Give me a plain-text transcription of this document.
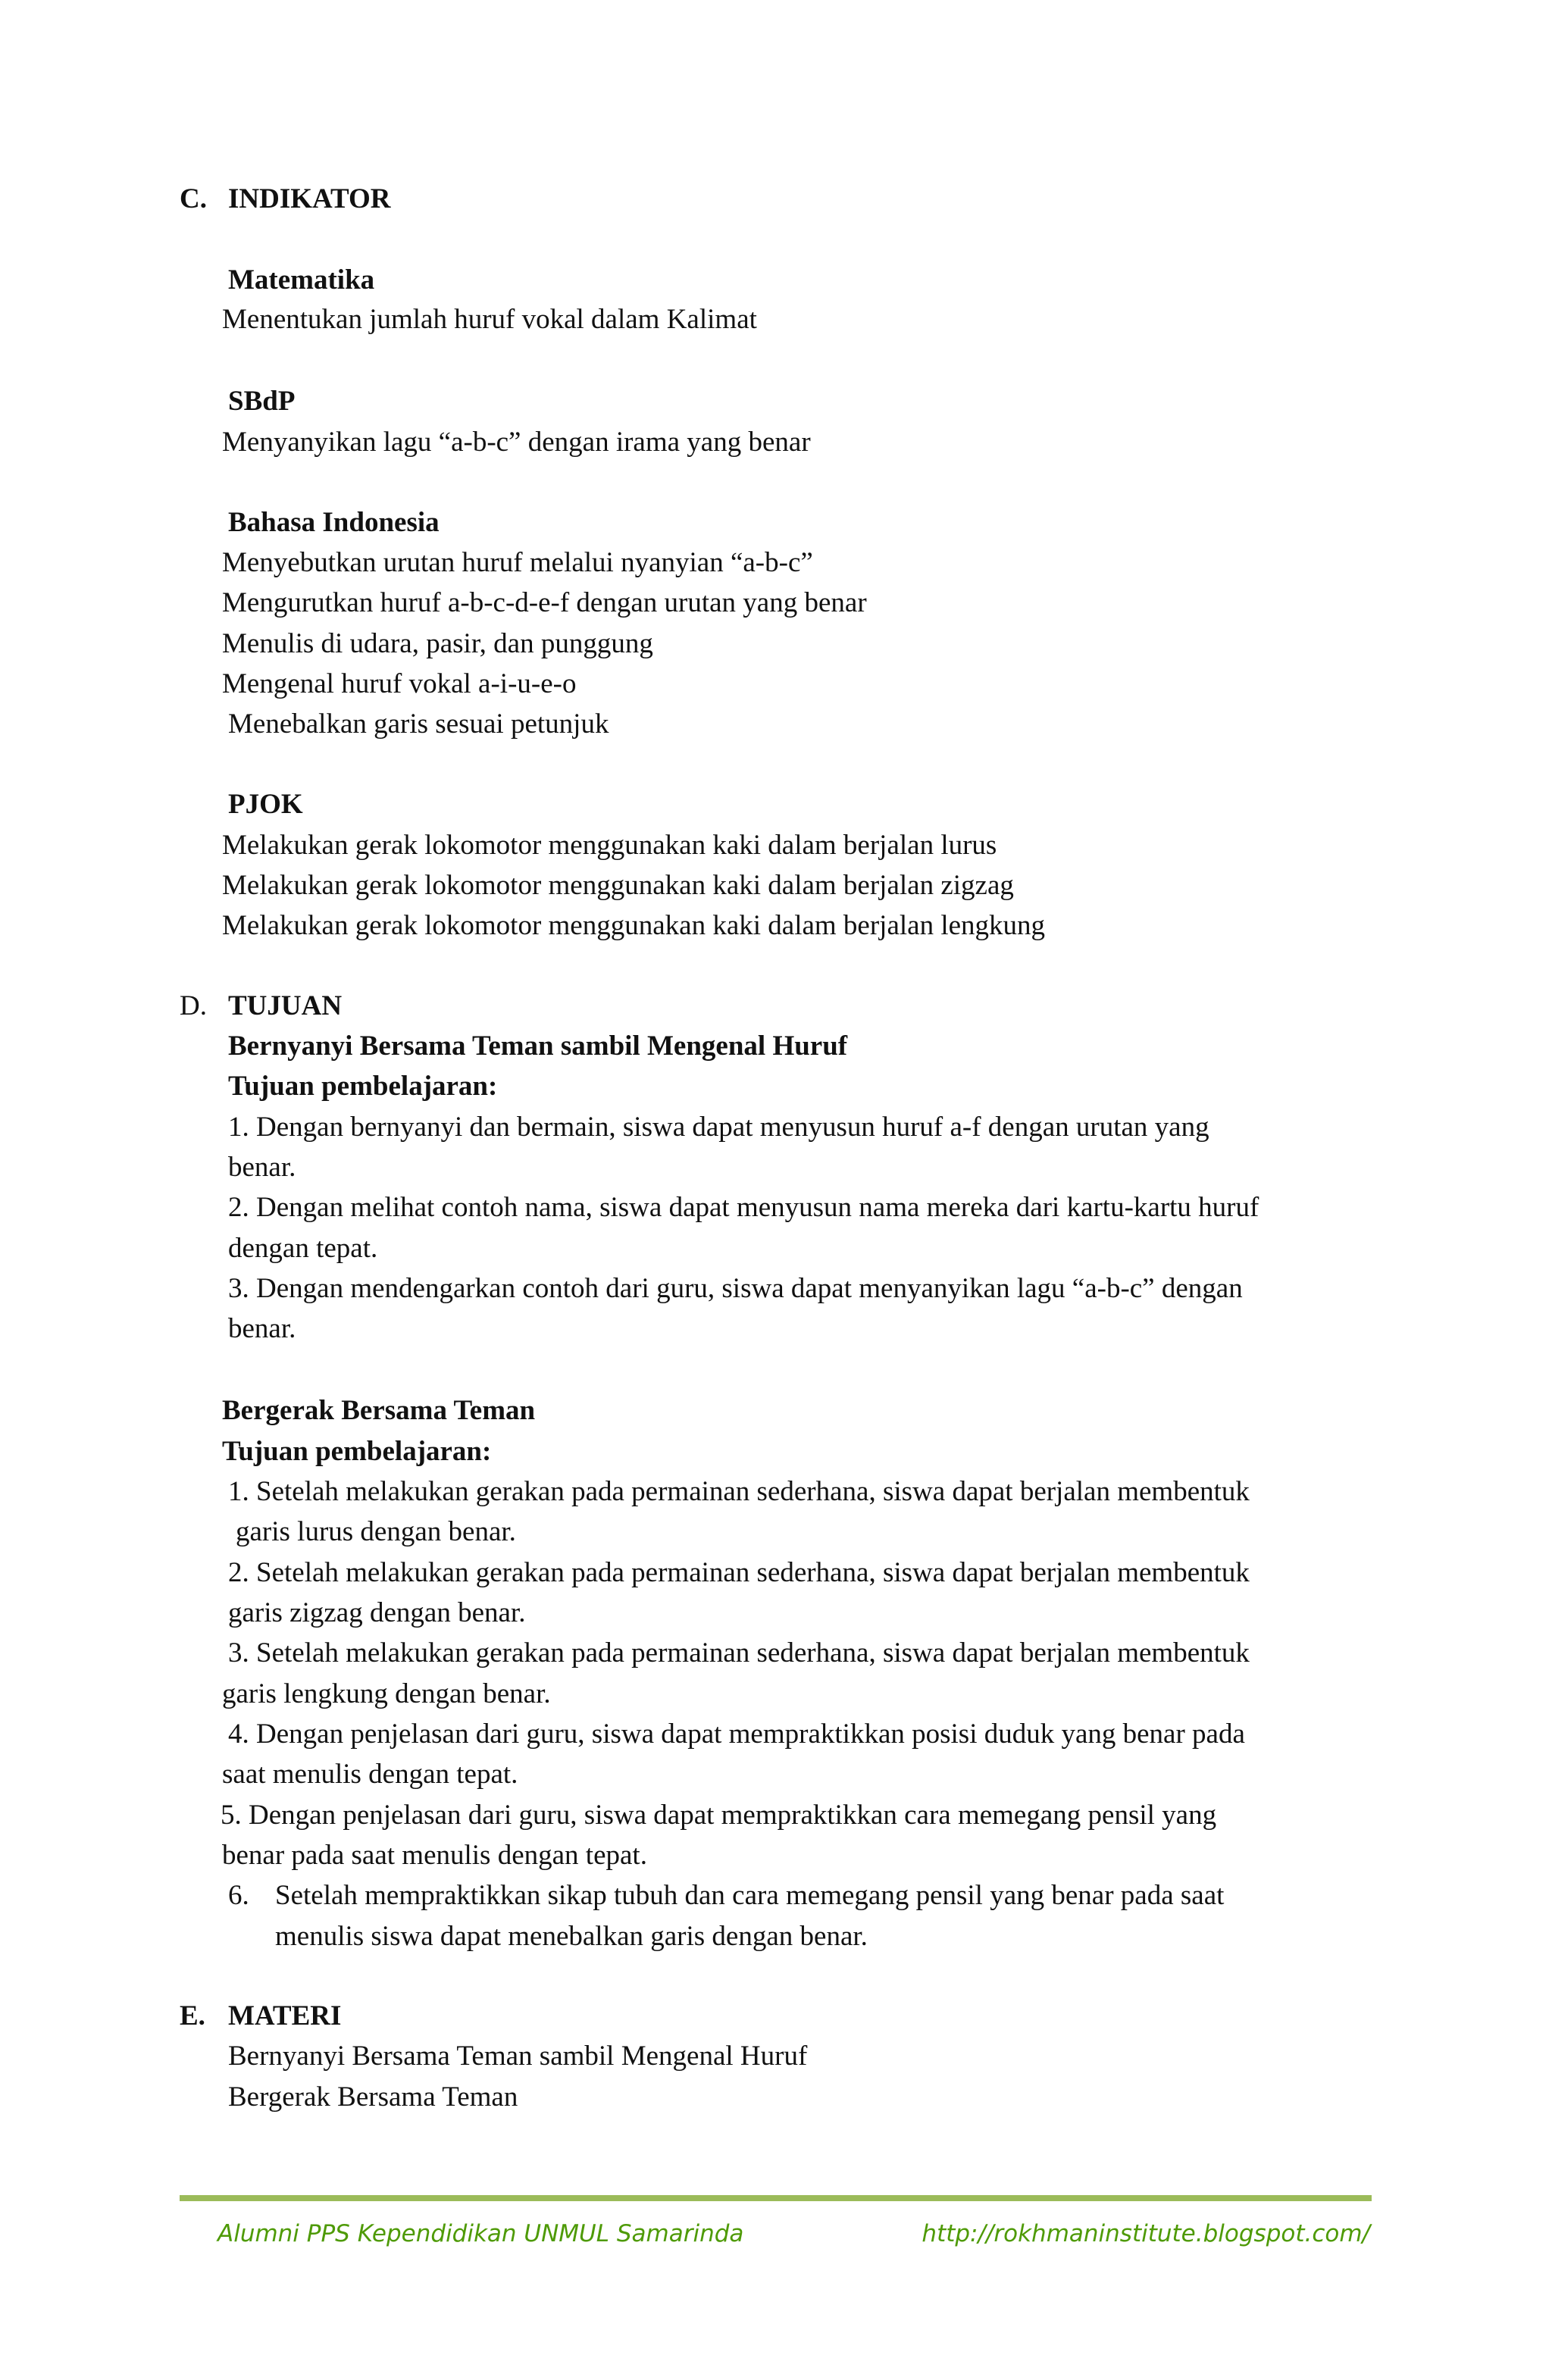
C. INDIKATOR
Matematika
Menentukan jumlah huruf vokal dalam Kalimat
SBdP
Menyanyikan lagu “a-b-c” dengan irama yang benar
Bahasa Indonesia
Menyebutkan urutan huruf melalui nyanyian “a-b-c”
Mengurutkan huruf a-b-c-d-e-f dengan urutan yang benar
Menulis di udara, pasir, dan punggung
Mengenal huruf vokal a-i-u-e-o
Menebalkan garis sesuai petunjuk
PJOK
Melakukan gerak lokomotor menggunakan kaki dalam berjalan lurus
Melakukan gerak lokomotor menggunakan kaki dalam berjalan zigzag
Melakukan gerak lokomotor menggunakan kaki dalam berjalan lengkung
D. TUJUAN
Bernyanyi Bersama Teman sambil Mengenal Huruf
Tujuan pembelajaran:
1. Dengan bernyanyi dan bermain, siswa dapat menyusun huruf a-f dengan urutan yang
benar.
2. Dengan melihat contoh nama, siswa dapat menyusun nama mereka dari kartu-kartu huruf
dengan tepat.
3. Dengan mendengarkan contoh dari guru, siswa dapat menyanyikan lagu “a-b-c” dengan
benar.
Bergerak Bersama Teman
Tujuan pembelajaran:
1. Setelah melakukan gerakan pada permainan sederhana, siswa dapat berjalan membentuk
garis lurus dengan benar.
2. Setelah melakukan gerakan pada permainan sederhana, siswa dapat berjalan membentuk
garis zigzag dengan benar.
3. Setelah melakukan gerakan pada permainan sederhana, siswa dapat berjalan membentuk
garis lengkung dengan benar.
4. Dengan penjelasan dari guru, siswa dapat mempraktikkan posisi duduk yang benar pada
saat menulis dengan tepat.
5. Dengan penjelasan dari guru, siswa dapat mempraktikkan cara memegang pensil yang
benar pada saat menulis dengan tepat.
6. Setelah mempraktikkan sikap tubuh dan cara memegang pensil yang benar pada saat
menulis siswa dapat menebalkan garis dengan benar.
E. MATERI
Bernyanyi Bersama Teman sambil Mengenal Huruf
Bergerak Bersama Teman
Alumni PPS Kependidikan UNMUL Samarinda	http://rokhmaninstitute.blogspot.com/
